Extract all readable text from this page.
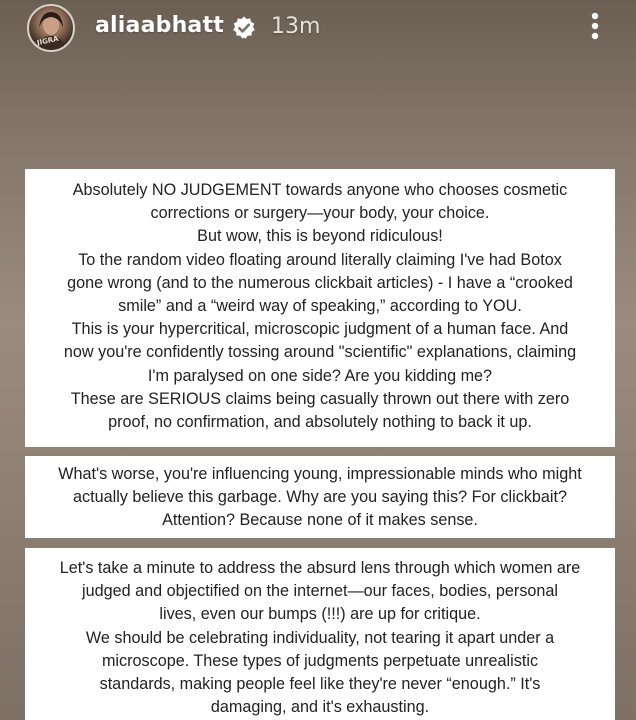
JIGRA
aliaabhatt 13m

Absolutely NO JUDGEMENT towards anyone who chooses cosmetic

corrections or surgery—your body, your choice.

But wow, this is beyond ridiculous!

To the random video floating around literally claiming I've had Botox

gone wrong (and to the numerous clickbait articles) - I have a “crooked

smile” and a “weird way of speaking,” according to YOU.

This is your hypercritical, microscopic judgment of a human face. And

now you're confidently tossing around "scientific" explanations, claiming

I'm paralysed on one side? Are you kidding me?

These are SERIOUS claims being casually thrown out there with zero

proof, no confirmation, and absolutely nothing to back it up.

What's worse, you're influencing young, impressionable minds who might

actually believe this garbage. Why are you saying this? For clickbait?

Attention? Because none of it makes sense.

Let's take a minute to address the absurd lens through which women are

judged and objectified on the internet—our faces, bodies, personal

lives, even our bumps (!!!) are up for critique.

We should be celebrating individuality, not tearing it apart under a

microscope. These types of judgments perpetuate unrealistic

standards, making people feel like they're never “enough.” It's

damaging, and it's exhausting.
